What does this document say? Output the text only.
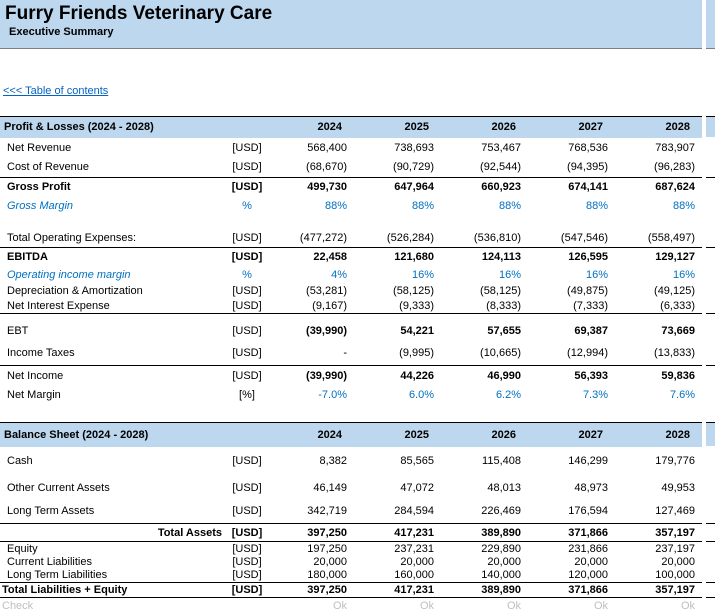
Furry Friends Veterinary Care
Executive Summary
<<< Table of contents
Profit & Losses (2024 - 2028)		2024	2025	2026	2027	2028
Net Revenue	[USD]	568,400	738,693	753,467	768,536	783,907
Cost of Revenue	[USD]	(68,670)	(90,729)	(92,544)	(94,395)	(96,283)
Gross Profit	[USD]	499,730	647,964	660,923	674,141	687,624
Gross Margin	%	88%	88%	88%	88%	88%

Total Operating Expenses:	[USD]	(477,272)	(526,284)	(536,810)	(547,546)	(558,497)
EBITDA	[USD]	22,458	121,680	124,113	126,595	129,127
Operating income margin	%	4%	16%	16%	16%	16%
Depreciation & Amortization	[USD]	(53,281)	(58,125)	(58,125)	(49,875)	(49,125)
Net Interest Expense	[USD]	(9,167)	(9,333)	(8,333)	(7,333)	(6,333)

EBT	[USD]	(39,990)	54,221	57,655	69,387	73,669
Income Taxes	[USD]	-	(9,995)	(10,665)	(12,994)	(13,833)
Net Income	[USD]	(39,990)	44,226	46,990	56,393	59,836
Net Margin	[%]	-7.0%	6.0%	6.2%	7.3%	7.6%
Balance Sheet (2024 - 2028)		2024	2025	2026	2027	2028
Cash	[USD]	8,382	85,565	115,408	146,299	179,776
Other Current Assets	[USD]	46,149	47,072	48,013	48,973	49,953
Long Term Assets	[USD]	342,719	284,594	226,469	176,594	127,469
Total Assets	[USD]	397,250	417,231	389,890	371,866	357,197
Equity	[USD]	197,250	237,231	229,890	231,866	237,197
Current Liabilities	[USD]	20,000	20,000	20,000	20,000	20,000
Long Term Liabilities	[USD]	180,000	160,000	140,000	120,000	100,000
Total Liabilities + Equity	[USD]	397,250	417,231	389,890	371,866	357,197
Check		Ok	Ok	Ok	Ok	Ok
